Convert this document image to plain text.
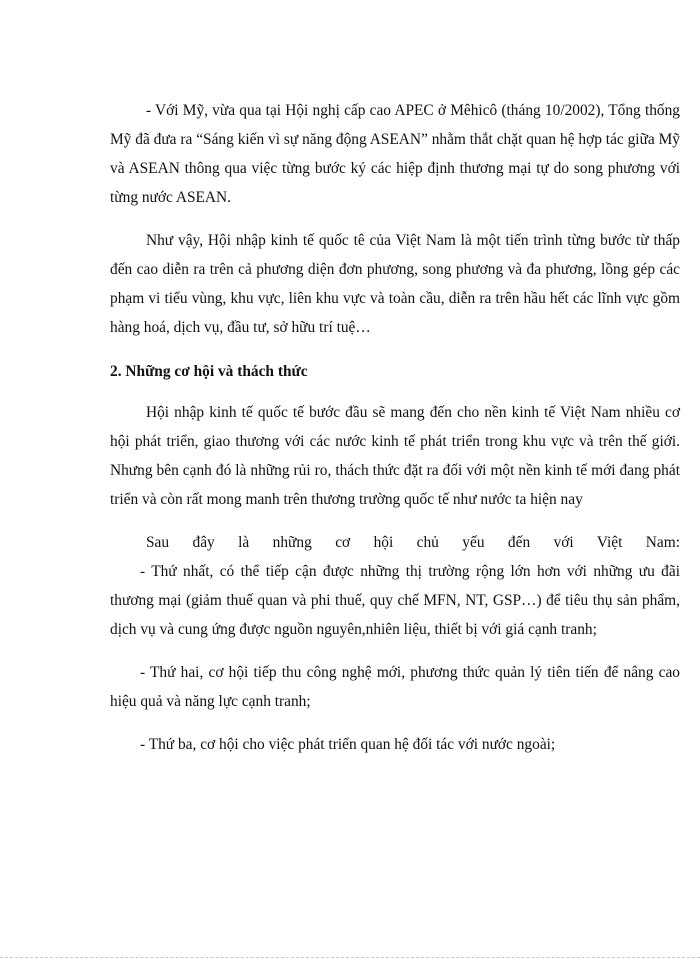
- Với Mỹ, vừa qua tại Hội nghị cấp cao APEC ở Mêhicô (tháng 10/2002), Tổng thống Mỹ đã đưa ra “Sáng kiến vì sự năng động ASEAN” nhằm thắt chặt quan hệ hợp tác giữa Mỹ và ASEAN thông qua việc từng bước ký các hiệp định thương mại tự do song phương với từng nước ASEAN.

Như vậy, Hội nhập kinh tế quốc tê của Việt Nam là một tiến trình từng bước từ thấp đến cao diễn ra trên cả phương diện đơn phương, song phương và đa phương, lồng gép các phạm vi tiểu vùng, khu vực, liên khu vực và toàn cầu, diễn ra trên hầu hết các lĩnh vực gồm hàng hoá, dịch vụ, đầu tư, sở hữu trí tuệ…

2. Những cơ hội và thách thức

Hội nhập kinh tế quốc tế bước đầu sẽ mang đến cho nền kinh tế Việt Nam nhiều cơ hội phát triển, giao thương với các nước kinh tế phát triển trong khu vực và trên thế giới. Nhưng bên cạnh đó là những rủi ro, thách thức đặt ra đối với một nền kinh tế mới đang phát triển và còn rất mong manh trên thương trường quốc tế như nước ta hiện nay

Sau đây là những cơ hội chủ yếu đến với Việt Nam:

- Thứ nhất, có thể tiếp cận được những thị trường rộng lớn hơn với những ưu đãi thương mại (giảm thuế quan và phi thuế, quy chế MFN, NT, GSP…) để tiêu thụ sản phẩm, dịch vụ và cung ứng được nguồn nguyên,nhiên liệu, thiết bị với giá cạnh tranh;

- Thứ hai, cơ hội tiếp thu công nghệ mới, phương thức quản lý tiên tiến để nâng cao hiệu quả và năng lực cạnh tranh;

- Thứ ba, cơ hội cho việc phát triển quan hệ đối tác với nước ngoài;
